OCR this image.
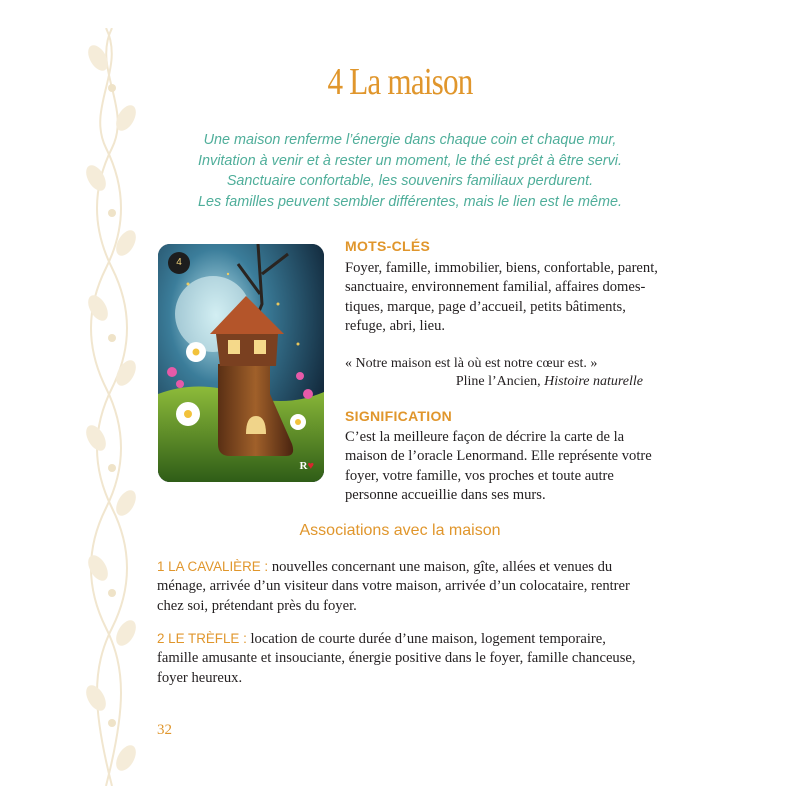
4 La maison
Une maison renferme l’énergie dans chaque coin et chaque mur,
Invitation à venir et à rester un moment, le thé est prêt à être servi.
Sanctuaire confortable, les souvenirs familiaux perdurent.
Les familles peuvent sembler différentes, mais le lien est le même.
4
R♥
MOTS-CLÉS
Foyer, famille, immobilier, biens, confortable, parent,
sanctuaire, environnement familial, affaires domes-
tiques, marque, page d’accueil, petits bâtiments,
refuge, abri, lieu.
« Notre maison est là où est notre cœur est. »
Pline l’Ancien, Histoire naturelle
SIGNIFICATION
C’est la meilleure façon de décrire la carte de la
maison de l’oracle Lenormand. Elle représente votre
foyer, votre famille, vos proches et toute autre
personne accueillie dans ses murs.
Associations avec la maison
1 LA CAVALIÈRE : nouvelles concernant une maison, gîte, allées et venues du
ménage, arrivée d’un visiteur dans votre maison, arrivée d’un colocataire, rentrer
chez soi, prétendant près du foyer.
2 LE TRÈFLE : location de courte durée d’une maison, logement temporaire,
famille amusante et insouciante, énergie positive dans le foyer, famille chanceuse,
foyer heureux.
32
